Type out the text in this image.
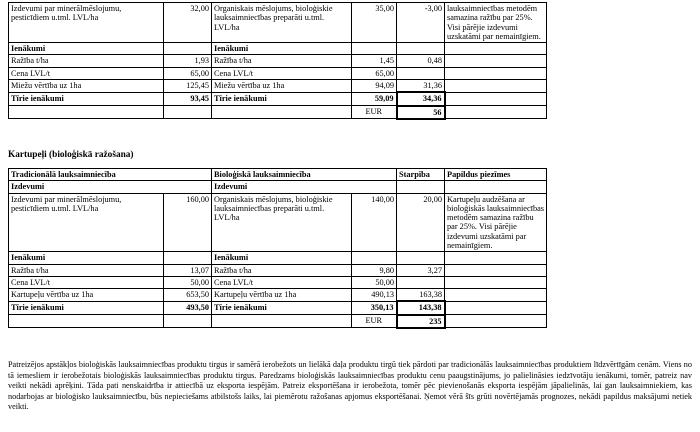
Izdevumi par minerālmēslojumu, pesticīdiem u.tml. LVL/ha	32,00	Organiskais mēslojums, bioloģiskie lauksaimniecības preparāti u.tml. LVL/ha	35,00	-3,00	lauksaimniecības metodēm samazina ražību par 25%. Visi pārējie izdevumi uzskatāmi par nemainīgiem.
Ienākumi		Ienākumi			
Ražība t/ha	1,93	Ražība t/ha	1,45	0,48	
Cena LVL/t	65,00	Cena LVL/t	65,00		
Miežu vērtība uz 1ha	125,45	Miežu vērtība uz 1ha	94,09	31,36	
Tīrie ienākumi	93,45	Tīrie ienākumi	59,09	34,36	
			EUR	56	
Kartupeļi (bioloģiskā ražošana)
Tradicionālā lauksaimniecība		Bioloģiskā lauksaimniecība		Starpība	Papildus piezīmes
Izdevumi		Izdevumi			
Izdevumi par minerālmēslojumu, pesticīdiem u.tml. LVL/ha	160,00	Organiskais mēslojums, bioloģiskie lauksaimniecības preparāti u.tml. LVL/ha	140,00	20,00	Kartupeļu audzēšana ar bioloģiskās lauksaimniecības metodēm samazina ražību par 25%. Visi pārējie izdevumi uzskatāmi par nemainīgiem.
Ienākumi		Ienākumi			
Ražība t/ha	13,07	Ražība t/ha	9,80	3,27	
Cena LVL/t	50,00	Cena LVL/t	50,00		
Kartupeļu vērtība uz 1ha	653,50	Kartupeļu vērtība uz 1ha	490,13	163,38	
Tīrie ienākumi	493,50	Tīrie ienākumi	350,13	143,38	
			EUR	235	

Patreizējos apstākļos bioloģiskās lauksaimniecības produktu tirgus ir samērā ierobežots un lielākā daļa produktu tirgū tiek pārdoti par tradicionālās lauksaimniecības produktiem līdzvērtīgām cenām. Viens no tā iemesliem ir ierobežotais bioloģiskās lauksaimniecības produktu tirgus. Paredzams bioloģiskās lauksaimniecības produktu cenu paaugstinājums, jo palielināsies iedzīvotāju ienākumi, tomēr, patreiz nav veikti nekādi aprēķini. Tāda pati nenskaidrība ir attiecībā uz eksporta iespējām. Patreiz eksportēšana ir ierobežota, tomēr pēc pievienošanās eksporta iespējām jāpalielinās, lai gan lauksaimniekiem, kas nodarbojas ar bioloģisko lauksaimniecību, būs nepieciešams atbilstošs laiks, lai piemērotu ražošanas apjomus eksportēšanai. Ņemot vērā šīs grūti novērtējamās prognozes, nekādi papildus maksājumi netiek veikti.
